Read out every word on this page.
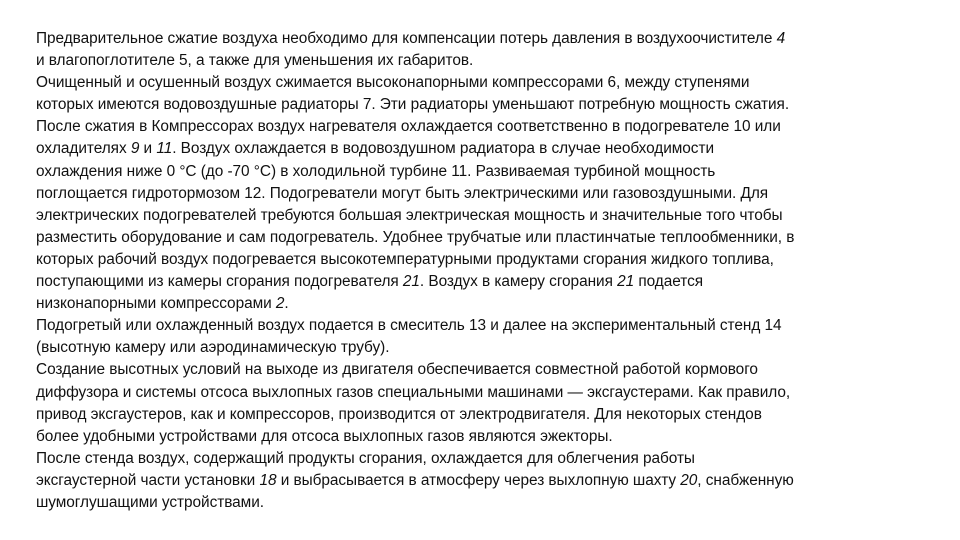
Предварительное сжатие воздуха необходимо для компенсации потерь давления в воздухоочистителе 4
и влагопоглотителе 5, а также для уменьшения их габаритов.
Очищенный и осушенный воздух сжимается высоконапорными компрессорами 6, между ступенями
которых имеются водовоздушные радиаторы 7. Эти радиаторы уменьшают потребную мощность сжатия.
После сжатия в Компрессорах воздух нагревателя охлаждается соответственно в подогревателе 10 или
охладителях 9 и 11. Воздух охлаждается в водовоздушном радиатора в случае необходимости
охлаждения ниже 0 °С (до -70 °С) в холодильной турбине 11. Развиваемая турбиной мощность
поглощается гидротормозом 12. Подогреватели могут быть электрическими или газовоздушными. Для
электрических подогревателей требуются большая электрическая мощность и значительные того чтобы
разместить оборудование и сам подогреватель. Удобнее трубчатые или пластинчатые теплообменники, в
которых рабочий воздух подогревается высокотемпературными продуктами сгорания жидкого топлива,
поступающими из камеры сгорания подогревателя 21. Воздух в камеру сгорания 21 подается
низконапорными компрессорами 2.
Подогретый или охлажденный воздух подается в смеситель 13 и далее на экспериментальный стенд 14
(высотную камеру или аэродинамическую трубу).
Создание высотных условий на выходе из двигателя обеспечивается совместной работой кормового
диффузора и системы отсоса выхлопных газов специальными машинами — эксгаустерами. Как правило,
привод эксгаустеров, как и компрессоров, производится от электродвигателя. Для некоторых стендов
более удобными устройствами для отсоса выхлопных газов являются эжекторы.
После стенда воздух, содержащий продукты сгорания, охлаждается для облегчения работы
эксгаустерной части установки 18 и выбрасывается в атмосферу через выхлопную шахту 20, снабженную
шумоглушащими устройствами.
